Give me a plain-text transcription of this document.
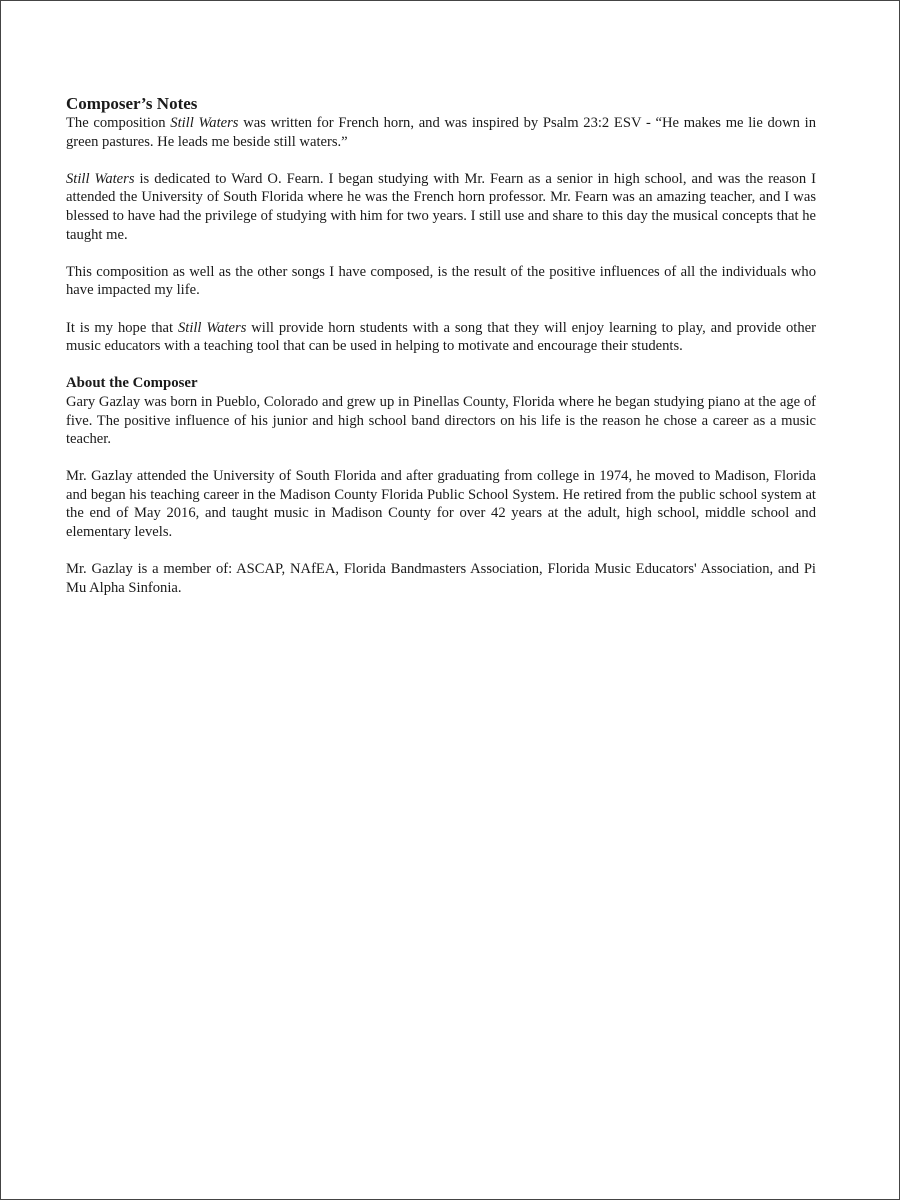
Composer’s Notes

The composition Still Waters was written for French horn, and was inspired by Psalm 23:2 ESV - “He makes me lie down in green pastures. He leads me beside still waters.”

Still Waters is dedicated to Ward O. Fearn. I began studying with Mr. Fearn as a senior in high school, and was the reason I attended the University of South Florida where he was the French horn professor. Mr. Fearn was an amazing teacher, and I was blessed to have had the privilege of studying with him for two years. I still use and share to this day the musical concepts that he taught me.

This composition as well as the other songs I have composed, is the result of the positive influences of all the individuals who have impacted my life.

It is my hope that Still Waters will provide horn students with a song that they will enjoy learning to play, and provide other music educators with a teaching tool that can be used in helping to motivate and encourage their students.

About the Composer

Gary Gazlay was born in Pueblo, Colorado and grew up in Pinellas County, Florida where he began studying piano at the age of five. The positive influence of his junior and high school band directors on his life is the reason he chose a career as a music teacher.

Mr. Gazlay attended the University of South Florida and after graduating from college in 1974, he moved to Madison, Florida and began his teaching career in the Madison County Florida Public School System. He retired from the public school system at the end of May 2016, and taught music in Madison County for over 42 years at the adult, high school, middle school and elementary levels.

Mr. Gazlay is a member of: ASCAP, NAfEA, Florida Bandmasters Association, Florida Music Educators' Association, and Pi Mu Alpha Sinfonia.
